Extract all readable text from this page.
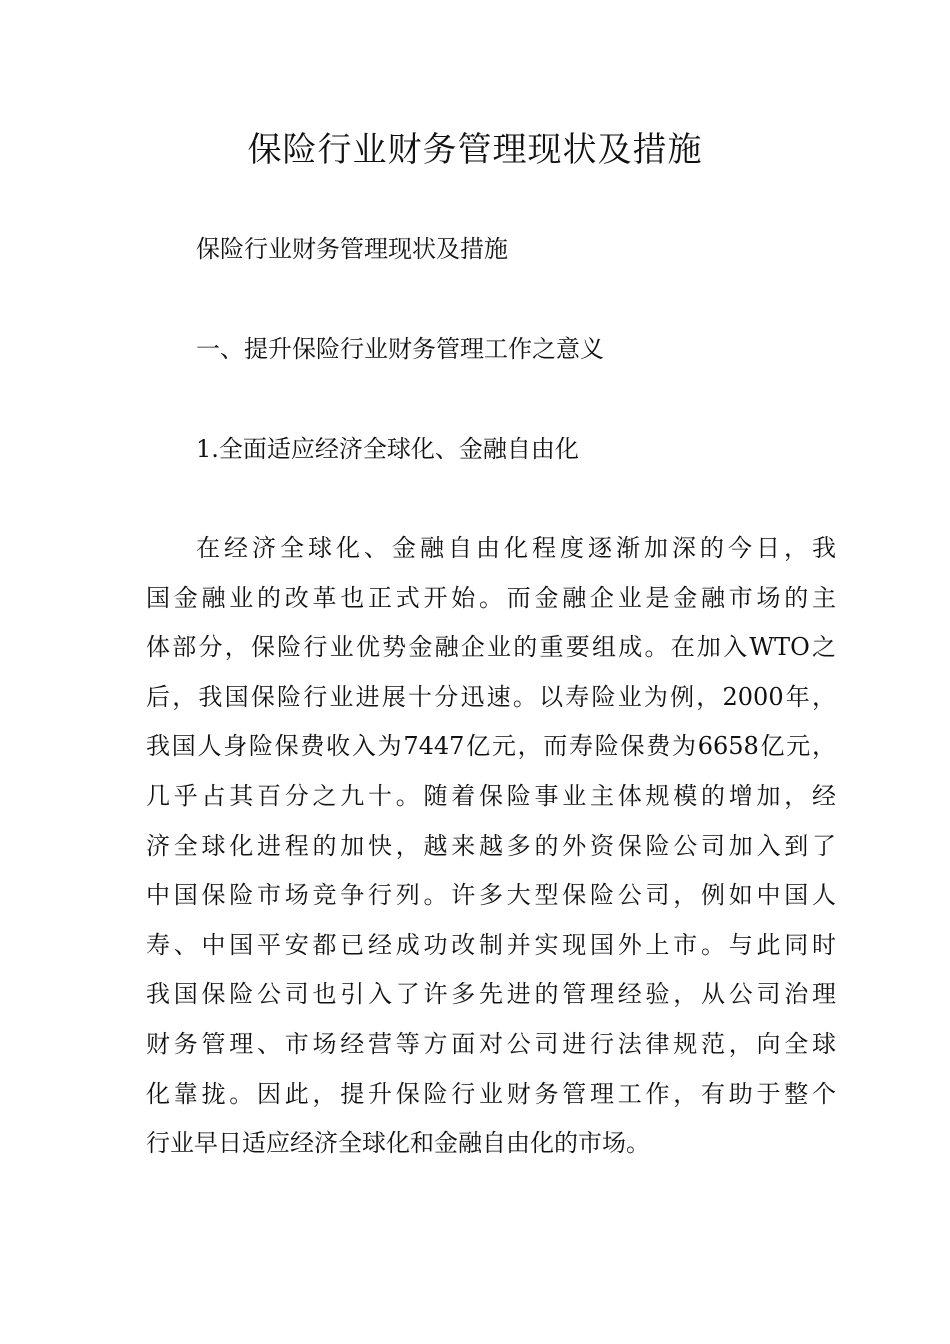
保险行业财务管理现状及措施

保险行业财务管理现状及措施

一、提升保险行业财务管理工作之意义

1.全面适应经济全球化、金融自由化

在经济全球化、金融自由化程度逐渐加深的今日，我
国金融业的改革也正式开始。而金融企业是金融市场的主
体部分，保险行业优势金融企业的重要组成。在加入WTO之
后，我国保险行业进展十分迅速。以寿险业为例，2000年，
我国人身险保费收入为7447亿元，而寿险保费为6658亿元，
几乎占其百分之九十。随着保险事业主体规模的增加，经
济全球化进程的加快，越来越多的外资保险公司加入到了
中国保险市场竞争行列。许多大型保险公司，例如中国人
寿、中国平安都已经成功改制并实现国外上市。与此同时
我国保险公司也引入了许多先进的管理经验，从公司治理
财务管理、市场经营等方面对公司进行法律规范，向全球
化靠拢。因此，提升保险行业财务管理工作，有助于整个
行业早日适应经济全球化和金融自由化的市场。
